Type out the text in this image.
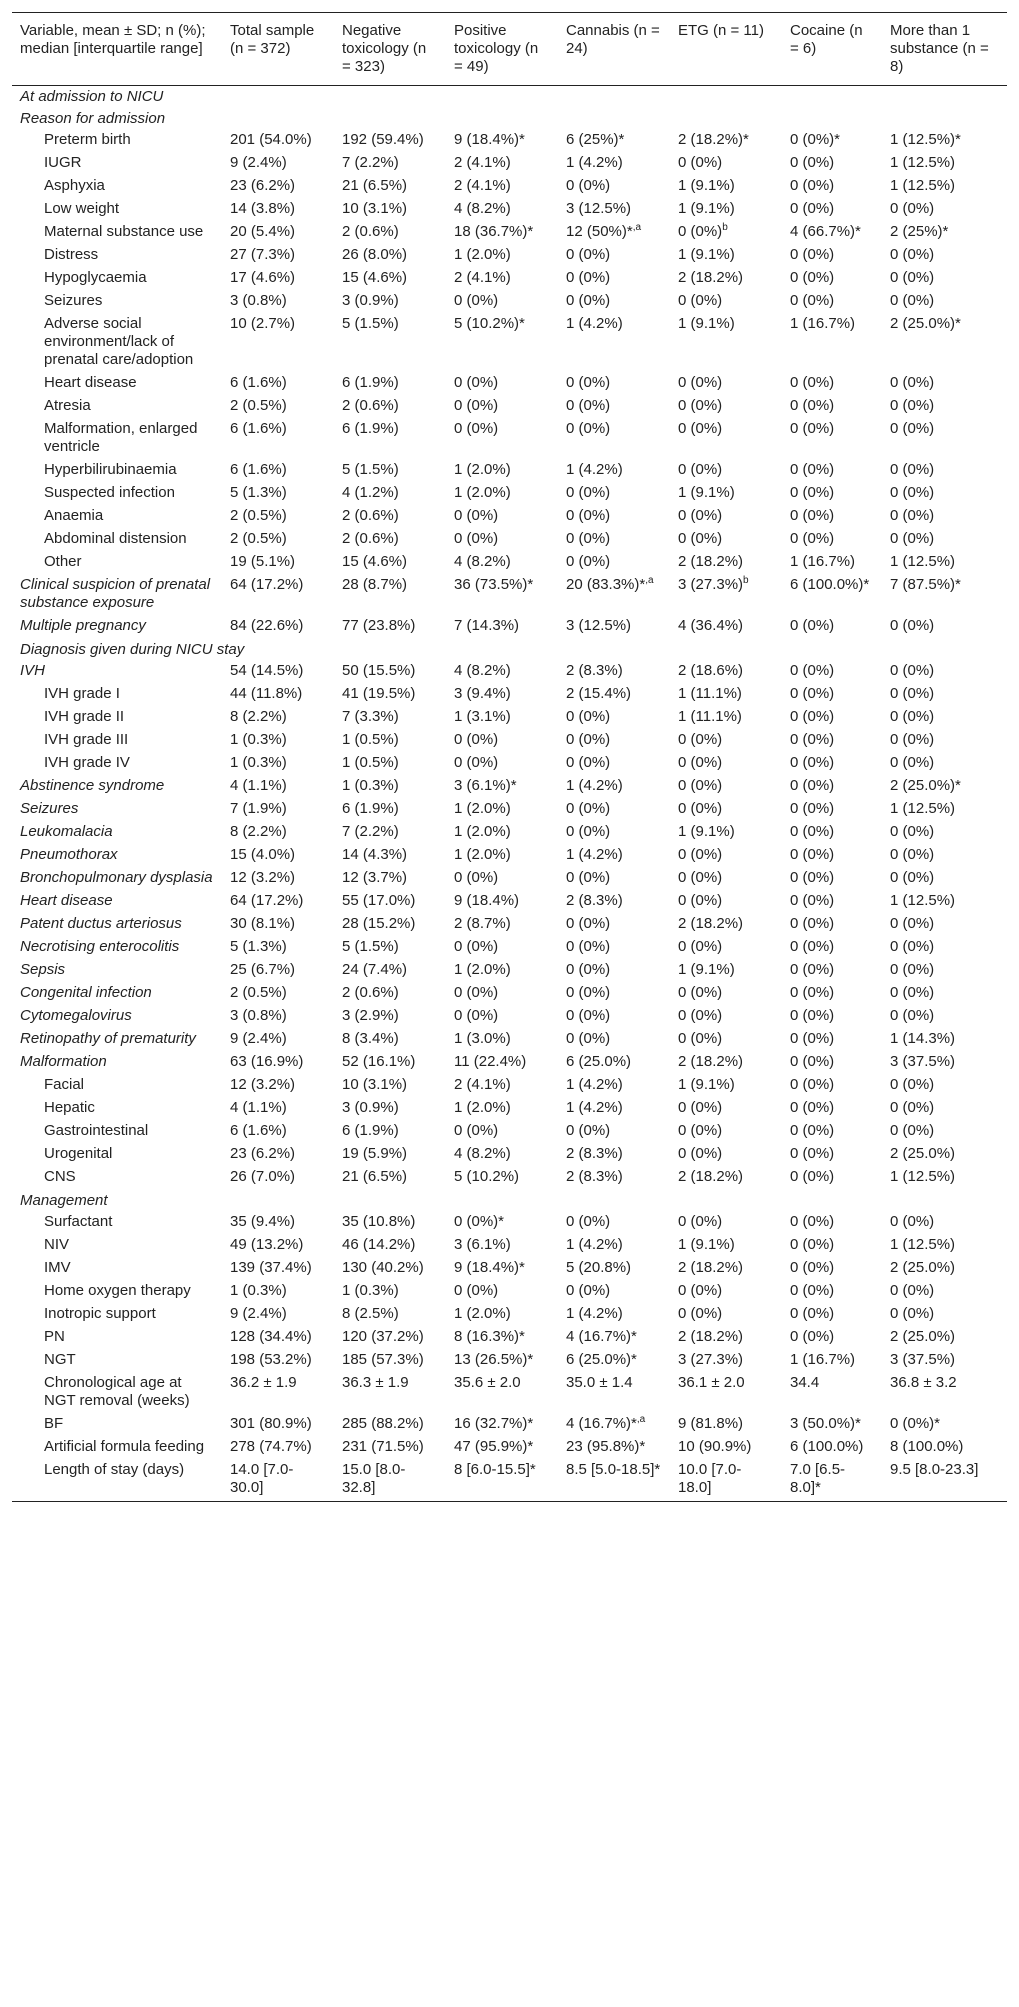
Variable, mean ± SD; n (%); median [interquartile range]	Total sample (n = 372)	Negative toxicology (n = 323)	Positive toxicology (n = 49)	Cannabis (n = 24)	ETG (n = 11)	Cocaine (n = 6)	More than 1 substance (n = 8)
At admission to NICU							
Reason for admission							
Preterm birth	201 (54.0%)	192 (59.4%)	9 (18.4%)*	6 (25%)*	2 (18.2%)*	0 (0%)*	1 (12.5%)*
IUGR	9 (2.4%)	7 (2.2%)	2 (4.1%)	1 (4.2%)	0 (0%)	0 (0%)	1 (12.5%)
Asphyxia	23 (6.2%)	21 (6.5%)	2 (4.1%)	0 (0%)	1 (9.1%)	0 (0%)	1 (12.5%)
Low weight	14 (3.8%)	10 (3.1%)	4 (8.2%)	3 (12.5%)	1 (9.1%)	0 (0%)	0 (0%)
Maternal substance use	20 (5.4%)	2 (0.6%)	18 (36.7%)*	12 (50%)*$^{,a}$	0 $(0\%)^b$	4 (66.7%)*	2 (25%)*
Distress	27 (7.3%)	26 (8.0%)	1 (2.0%)	0 (0%)	1 (9.1%)	0 (0%)	0 (0%)
Hypoglycaemia	17 (4.6%)	15 (4.6%)	2 (4.1%)	0 (0%)	2 (18.2%)	0 (0%)	0 (0%)
Seizures	3 (0.8%)	3 (0.9%)	0 (0%)	0 (0%)	0 (0%)	0 (0%)	0 (0%)
Adverse social environment/lack of prenatal care/adoption	10 (2.7%)	5 (1.5%)	5 (10.2%)*	1 (4.2%)	1 (9.1%)	1 (16.7%)	2 (25.0%)*
Heart disease	6 (1.6%)	6 (1.9%)	0 (0%)	0 (0%)	0 (0%)	0 (0%)	0 (0%)
Atresia	2 (0.5%)	2 (0.6%)	0 (0%)	0 (0%)	0 (0%)	0 (0%)	0 (0%)
Malformation, enlarged ventricle	6 (1.6%)	6 (1.9%)	0 (0%)	0 (0%)	0 (0%)	0 (0%)	0 (0%)
Hyperbilirubinaemia	6 (1.6%)	5 (1.5%)	1 (2.0%)	1 (4.2%)	0 (0%)	0 (0%)	0 (0%)
Suspected infection	5 (1.3%)	4 (1.2%)	1 (2.0%)	0 (0%)	1 (9.1%)	0 (0%)	0 (0%)
Anaemia	2 (0.5%)	2 (0.6%)	0 (0%)	0 (0%)	0 (0%)	0 (0%)	0 (0%)
Abdominal distension	2 (0.5%)	2 (0.6%)	0 (0%)	0 (0%)	0 (0%)	0 (0%)	0 (0%)
Other	19 (5.1%)	15 (4.6%)	4 (8.2%)	0 (0%)	2 (18.2%)	1 (16.7%)	1 (12.5%)
Clinical suspicion of prenatal substance exposure	64 (17.2%)	28 (8.7%)	36 (73.5%)*	20 (83.3%)*$^{,a}$	3 $(27.3\%)^b$	6 (100.0%)*	7 (87.5%)*
Multiple pregnancy	84 (22.6%)	77 (23.8%)	7 (14.3%)	3 (12.5%)	4 (36.4%)	0 (0%)	0 (0%)
Diagnosis given during NICU stay							
IVH	54 (14.5%)	50 (15.5%)	4 (8.2%)	2 (8.3%)	2 (18.6%)	0 (0%)	0 (0%)
IVH grade I	44 (11.8%)	41 (19.5%)	3 (9.4%)	2 (15.4%)	1 (11.1%)	0 (0%)	0 (0%)
IVH grade II	8 (2.2%)	7 (3.3%)	1 (3.1%)	0 (0%)	1 (11.1%)	0 (0%)	0 (0%)
IVH grade III	1 (0.3%)	1 (0.5%)	0 (0%)	0 (0%)	0 (0%)	0 (0%)	0 (0%)
IVH grade IV	1 (0.3%)	1 (0.5%)	0 (0%)	0 (0%)	0 (0%)	0 (0%)	0 (0%)
Abstinence syndrome	4 (1.1%)	1 (0.3%)	3 (6.1%)*	1 (4.2%)	0 (0%)	0 (0%)	2 (25.0%)*
Seizures	7 (1.9%)	6 (1.9%)	1 (2.0%)	0 (0%)	0 (0%)	0 (0%)	1 (12.5%)
Leukomalacia	8 (2.2%)	7 (2.2%)	1 (2.0%)	0 (0%)	1 (9.1%)	0 (0%)	0 (0%)
Pneumothorax	15 (4.0%)	14 (4.3%)	1 (2.0%)	1 (4.2%)	0 (0%)	0 (0%)	0 (0%)
Bronchopulmonary dysplasia	12 (3.2%)	12 (3.7%)	0 (0%)	0 (0%)	0 (0%)	0 (0%)	0 (0%)
Heart disease	64 (17.2%)	55 (17.0%)	9 (18.4%)	2 (8.3%)	0 (0%)	0 (0%)	1 (12.5%)
Patent ductus arteriosus	30 (8.1%)	28 (15.2%)	2 (8.7%)	0 (0%)	2 (18.2%)	0 (0%)	0 (0%)
Necrotising enterocolitis	5 (1.3%)	5 (1.5%)	0 (0%)	0 (0%)	0 (0%)	0 (0%)	0 (0%)
Sepsis	25 (6.7%)	24 (7.4%)	1 (2.0%)	0 (0%)	1 (9.1%)	0 (0%)	0 (0%)
Congenital infection	2 (0.5%)	2 (0.6%)	0 (0%)	0 (0%)	0 (0%)	0 (0%)	0 (0%)
Cytomegalovirus	3 (0.8%)	3 (2.9%)	0 (0%)	0 (0%)	0 (0%)	0 (0%)	0 (0%)
Retinopathy of prematurity	9 (2.4%)	8 (3.4%)	1 (3.0%)	0 (0%)	0 (0%)	0 (0%)	1 (14.3%)
Malformation	63 (16.9%)	52 (16.1%)	11 (22.4%)	6 (25.0%)	2 (18.2%)	0 (0%)	3 (37.5%)
Facial	12 (3.2%)	10 (3.1%)	2 (4.1%)	1 (4.2%)	1 (9.1%)	0 (0%)	0 (0%)
Hepatic	4 (1.1%)	3 (0.9%)	1 (2.0%)	1 (4.2%)	0 (0%)	0 (0%)	0 (0%)
Gastrointestinal	6 (1.6%)	6 (1.9%)	0 (0%)	0 (0%)	0 (0%)	0 (0%)	0 (0%)
Urogenital	23 (6.2%)	19 (5.9%)	4 (8.2%)	2 (8.3%)	0 (0%)	0 (0%)	2 (25.0%)
CNS	26 (7.0%)	21 (6.5%)	5 (10.2%)	2 (8.3%)	2 (18.2%)	0 (0%)	1 (12.5%)
Management							
Surfactant	35 (9.4%)	35 (10.8%)	0 (0%)*	0 (0%)	0 (0%)	0 (0%)	0 (0%)
NIV	49 (13.2%)	46 (14.2%)	3 (6.1%)	1 (4.2%)	1 (9.1%)	0 (0%)	1 (12.5%)
IMV	139 (37.4%)	130 (40.2%)	9 (18.4%)*	5 (20.8%)	2 (18.2%)	0 (0%)	2 (25.0%)
Home oxygen therapy	1 (0.3%)	1 (0.3%)	0 (0%)	0 (0%)	0 (0%)	0 (0%)	0 (0%)
Inotropic support	9 (2.4%)	8 (2.5%)	1 (2.0%)	1 (4.2%)	0 (0%)	0 (0%)	0 (0%)
PN	128 (34.4%)	120 (37.2%)	8 (16.3%)*	4 (16.7%)*	2 (18.2%)	0 (0%)	2 (25.0%)
NGT	198 (53.2%)	185 (57.3%)	13 (26.5%)*	6 (25.0%)*	3 (27.3%)	1 (16.7%)	3 (37.5%)
Chronological age at NGT removal (weeks)	36.2 ± 1.9	36.3 ± 1.9	35.6 ± 2.0	35.0 ± 1.4	36.1 ± 2.0	34.4	36.8 ± 3.2
BF	301 (80.9%)	285 (88.2%)	16 (32.7%)*	4 (16.7%)*$^{,a}$	9 (81.8%)	3 (50.0%)*	0 (0%)*
Artificial formula feeding	278 (74.7%)	231 (71.5%)	47 (95.9%)*	23 (95.8%)*	10 (90.9%)	6 (100.0%)	8 (100.0%)
Length of stay (days)	14.0 [7.0-30.0]	15.0 [8.0-32.8]	8 [6.0-15.5]*	8.5 [5.0-18.5]*	10.0 [7.0-18.0]	7.0 [6.5-8.0]*	9.5 [8.0-23.3]
